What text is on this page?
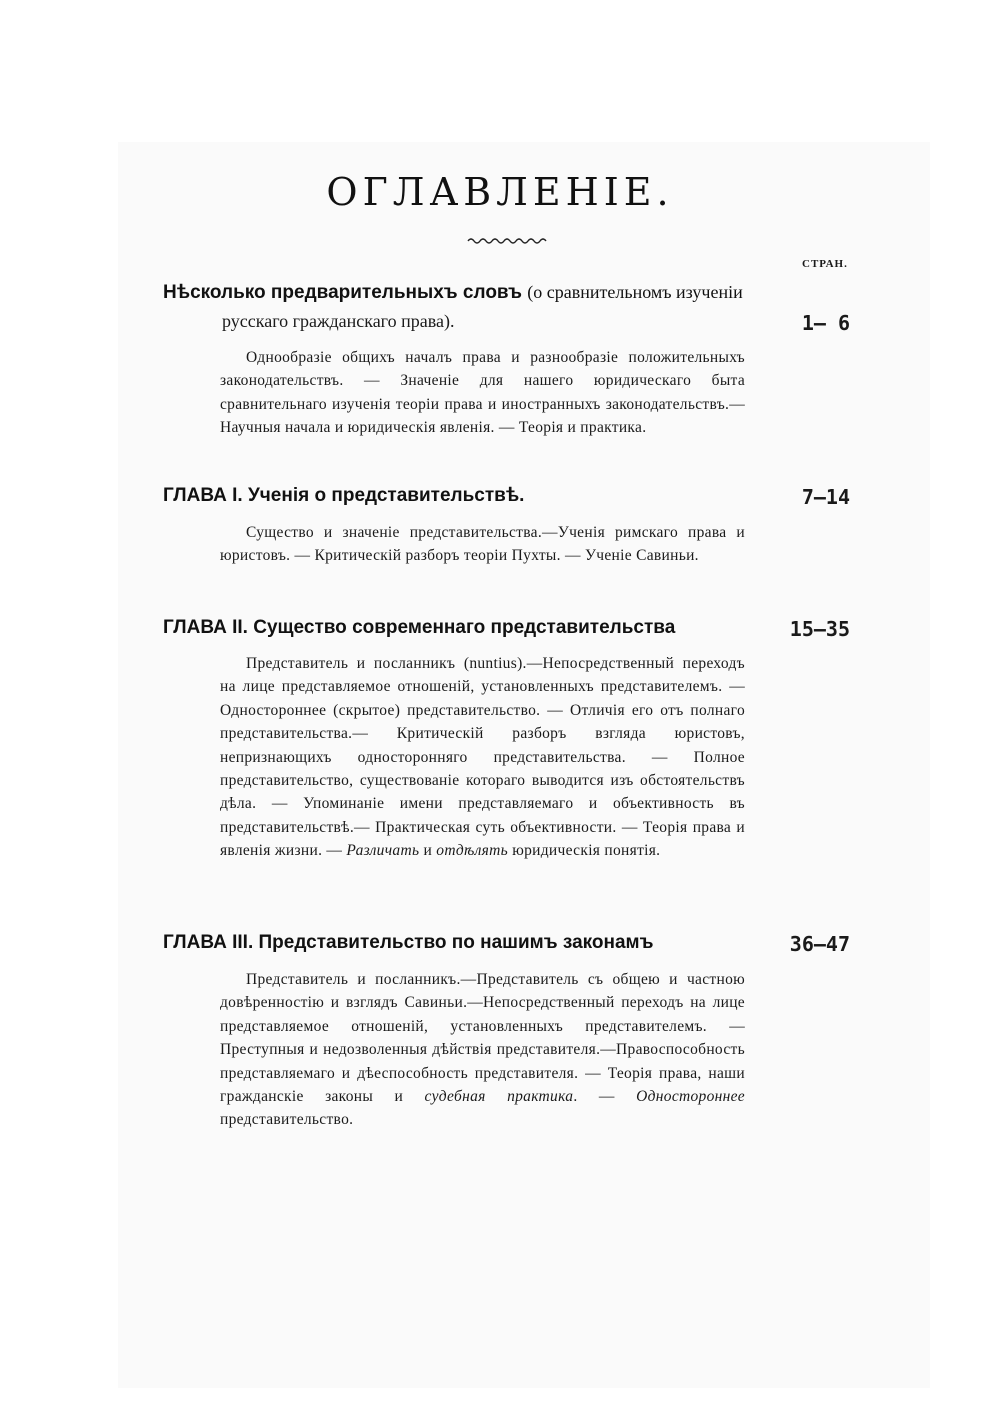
ОГЛАВЛЕНІЕ.
СТРАН.
Нѣсколько предварительныхъ словъ (о сравнительномъ изученіи
русскаго гражданскаго права).	1— 6
Однообразіе общихъ началъ права и разнообразіе положительныхъ законодательствъ. — Значеніе для нашего юридическаго быта сравнительнаго изученія теоріи права и иностранныхъ законодательствъ.—Научныя начала и юридическія явленія. — Теорія и практика.
ГЛАВА I. Ученія о представительствѣ.	7—14
Существо и значеніе представительства.—Ученія римскаго права и юристовъ. — Критическій разборъ теоріи Пухты. — Ученіе Савиньи.
ГЛАВА II. Существо современнаго представительства	15—35
Представитель и посланникъ (nuntius).—Непосредственный переходъ на лице представляемое отношеній, установленныхъ представителемъ. — Одностороннее (скрытое) представительство. — Отличія его отъ полнаго представительства.— Критическій разборъ взгляда юристовъ, непризнающихъ односторонняго представительства. — Полное представительство, существованіе котораго выводится изъ обстоятельствъ дѣла. — Упоминаніе имени представляемаго и объективность въ представительствѣ.— Практическая суть объективности. — Теорія права и явленія жизни. — Различать и отдѣлять юридическія понятія.
ГЛАВА III. Представительство по нашимъ законамъ	36—47
Представитель и посланникъ.—Представитель съ общею и частною довѣренностію и взглядъ Савиньи.—Непосредственный переходъ на лице представляемое отношеній, установленныхъ представителемъ. — Преступныя и недозволенныя дѣйствія представителя.—Правоспособность представляемаго и дѣеспособность представителя. — Теорія права, наши гражданскіе законы и судебная практика. — Одностороннее представительство.
